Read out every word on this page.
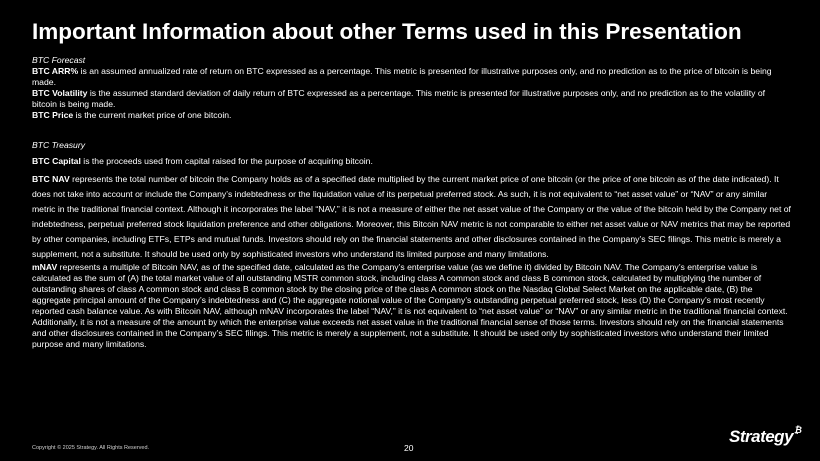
Important Information about other Terms used in this Presentation

BTC Forecast

BTC ARR% is an assumed annualized rate of return on BTC expressed as a percentage. This metric is presented for illustrative purposes only, and no prediction as to the price of bitcoin is being made.

BTC Volatility is the assumed standard deviation of daily return of BTC expressed as a percentage. This metric is presented for illustrative purposes only, and no prediction as to the volatility of bitcoin is being made.

BTC Price is the current market price of one bitcoin.

BTC Treasury

BTC Capital is the proceeds used from capital raised for the purpose of acquiring bitcoin.

BTC NAV represents the total number of bitcoin the Company holds as of a specified date multiplied by the current market price of one bitcoin (or the price of one bitcoin as of the date indicated). It does not take into account or include the Company’s indebtedness or the liquidation value of its perpetual preferred stock. As such, it is not equivalent to “net asset value” or “NAV” or any similar metric in the traditional financial context. Although it incorporates the label “NAV,” it is not a measure of either the net asset value of the Company or the value of the bitcoin held by the Company net of indebtedness, perpetual preferred stock liquidation preference and other obligations. Moreover, this Bitcoin NAV metric is not comparable to either net asset value or NAV metrics that may be reported by other companies, including ETFs, ETPs and mutual funds. Investors should rely on the financial statements and other disclosures contained in the Company’s SEC filings. This metric is merely a supplement, not a substitute. It should be used only by sophisticated investors who understand its limited purpose and many limitations.

mNAV represents a multiple of Bitcoin NAV, as of the specified date, calculated as the Company’s enterprise value (as we define it) divided by Bitcoin NAV. The Company’s enterprise value is calculated as the sum of (A) the total market value of all outstanding MSTR common stock, including class A common stock and class B common stock, calculated by multiplying the number of outstanding shares of class A common stock and class B common stock by the closing price of the class A common stock on the Nasdaq Global Select Market on the applicable date, (B) the aggregate principal amount of the Company’s indebtedness and (C) the aggregate notional value of the Company’s outstanding perpetual preferred stock, less (D) the Company’s most recently reported cash balance value. As with Bitcoin NAV, although mNAV incorporates the label “NAV,” it is not equivalent to “net asset value” or “NAV” or any similar metric in the traditional financial context. Additionally, it is not a measure of the amount by which the enterprise value exceeds net asset value in the traditional financial sense of those terms. Investors should rely on the financial statements and other disclosures contained in the Company’s SEC filings. This metric is merely a supplement, not a substitute. It should be used only by sophisticated investors who understand their limited purpose and many limitations.

Copyright © 2025 Strategy. All Rights Reserved.	20
Strategy₿
